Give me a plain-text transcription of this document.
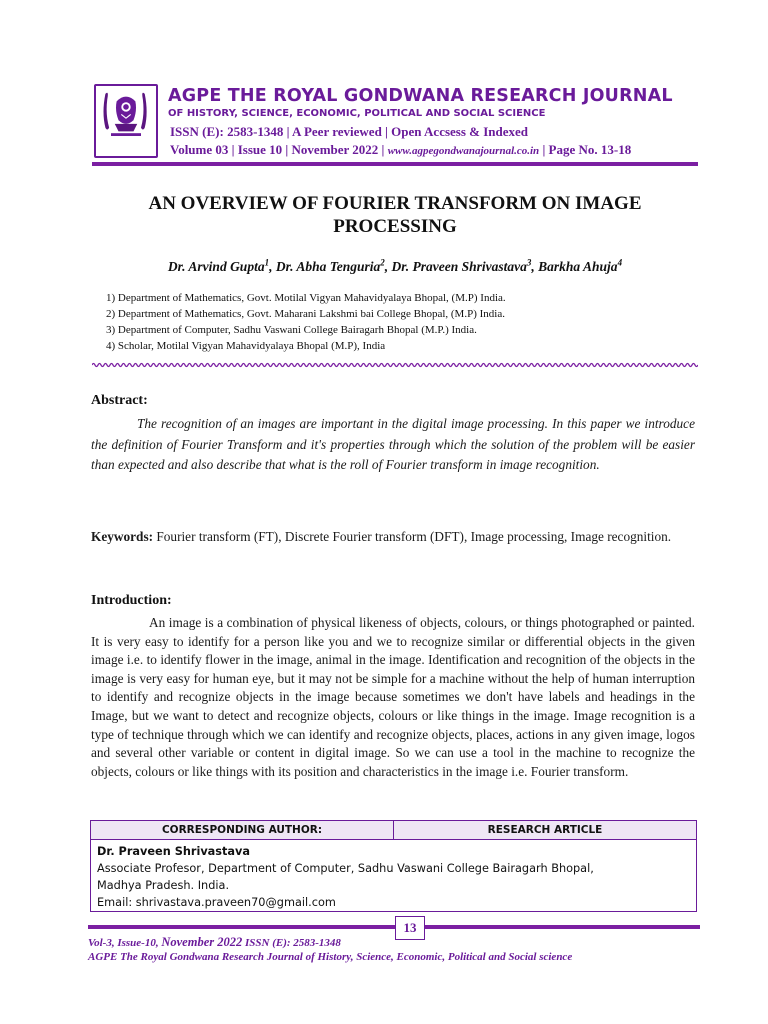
AGPE THE ROYAL GONDWANA RESEARCH JOURNAL
OF HISTORY, SCIENCE, ECONOMIC, POLITICAL AND SOCIAL SCIENCE
ISSN (E): 2583-1348 | A Peer reviewed | Open Accsess & Indexed
Volume 03 | Issue 10 | November 2022 | www.agpegondwanajournal.co.in | Page No. 13-18
AN OVERVIEW OF FOURIER TRANSFORM ON IMAGE PROCESSING
Dr. Arvind Gupta$^1$, Dr. Abha Tenguria$^2$, Dr. Praveen Shrivastava$^3$, Barkha Ahuja$^4$
1) Department of Mathematics, Govt. Motilal Vigyan Mahavidyalaya Bhopal, (M.P) India.
2) Department of Mathematics, Govt. Maharani Lakshmi bai College Bhopal, (M.P) India.
3) Department of Computer, Sadhu Vaswani College Bairagarh Bhopal (M.P.) India.
4) Scholar, Motilal Vigyan Mahavidyalaya Bhopal (M.P), India
Abstract:
The recognition of an images are important in the digital image processing. In this paper we introduce the definition of Fourier Transform and it's properties through which the solution of the problem will be easier than expected and also describe that what is the roll of Fourier transform in image recognition.
Keywords: Fourier transform (FT), Discrete Fourier transform (DFT), Image processing, Image recognition.
Introduction:
An image is a combination of physical likeness of objects, colours, or things photographed or painted. It is very easy to identify for a person like you and we to recognize similar or differential objects in the given image i.e. to identify flower in the image, animal in the image. Identification and recognition of the objects in the image is very easy for human eye, but it may not be simple for a machine without the help of human interruption to identify and recognize objects in the image because sometimes we don't have labels and headings in the Image, but we want to detect and recognize objects, colours or like things in the image. Image recognition is a type of technique through which we can identify and recognize objects, places, actions in any given image, logos and several other variable or content in digital image. So we can use a tool in the machine to recognize the objects, colours or like things with its position and characteristics in the image i.e. Fourier transform.
CORRESPONDING AUTHOR:	RESEARCH ARTICLE
Dr. Praveen Shrivastava
Associate Profesor, Department of Computer, Sadhu Vaswani College Bairagarh Bhopal,
Madhya Pradesh. India.
Email: shrivastava.praveen70@gmail.com
13
Vol-3, Issue-10, November 2022 ISSN (E): 2583-1348
AGPE The Royal Gondwana Research Journal of History, Science, Economic, Political and Social science
